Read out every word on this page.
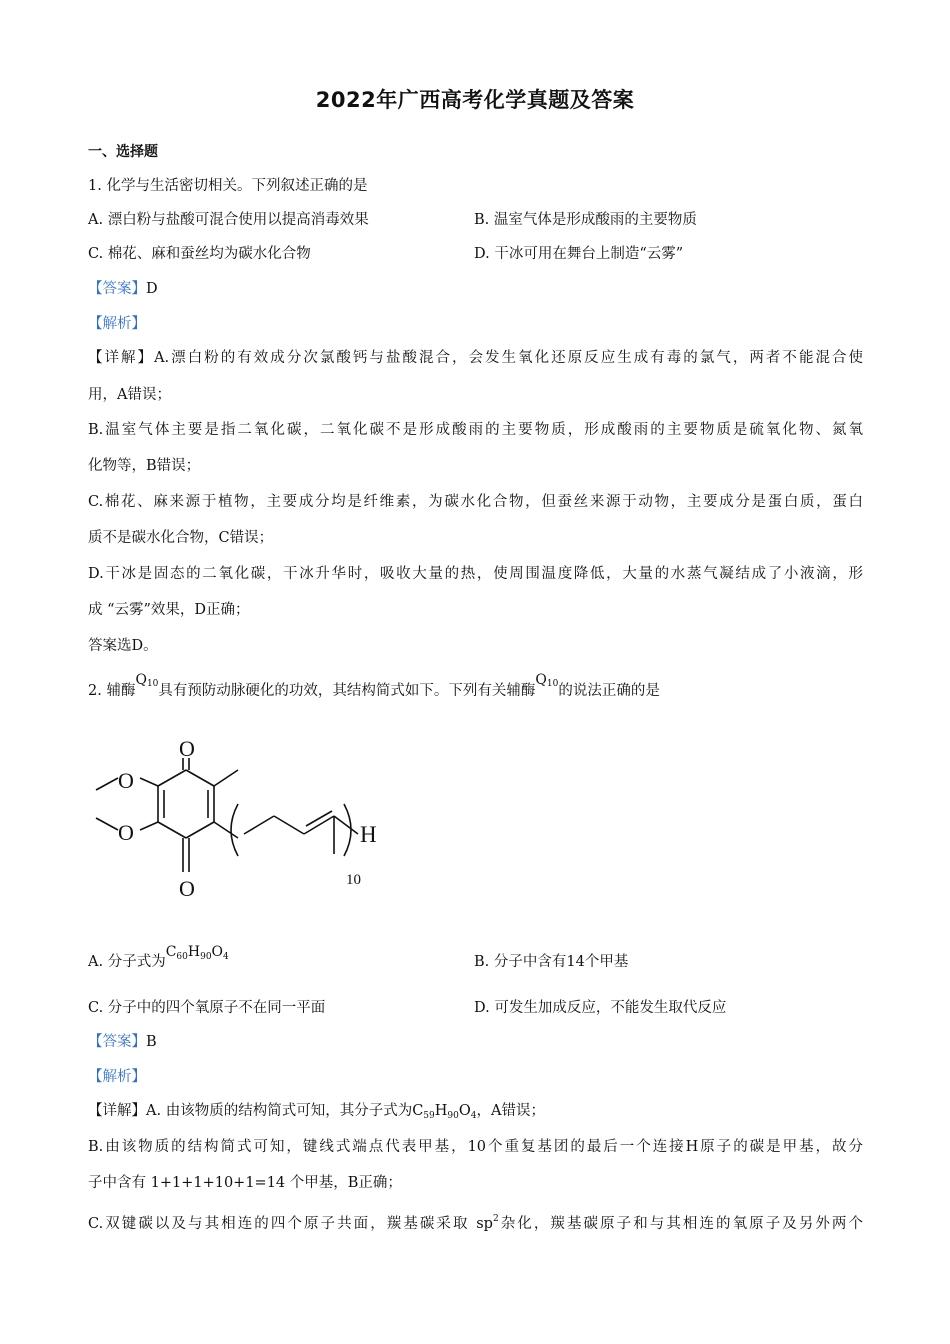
2022年广西高考化学真题及答案
一、选择题
1. 化学与生活密切相关。下列叙述正确的是
A. 漂白粉与盐酸可混合使用以提高消毒效果	B. 温室气体是形成酸雨的主要物质
C. 棉花、麻和蚕丝均为碳水化合物	D. 干冰可用在舞台上制造“云雾”
【答案】D
【解析】
【详解】A.漂白粉的有效成分次氯酸钙与盐酸混合，会发生氧化还原反应生成有毒的氯气，两者不能混合使
用，A错误；
B.温室气体主要是指二氧化碳，二氧化碳不是形成酸雨的主要物质，形成酸雨的主要物质是硫氧化物、氮氧
化物等，B错误；
C.棉花、麻来源于植物，主要成分均是纤维素，为碳水化合物，但蚕丝来源于动物，主要成分是蛋白质，蛋白
质不是碳水化合物，C错误；
D.干冰是固态的二氧化碳，干冰升华时，吸收大量的热，使周围温度降低，大量的水蒸气凝结成了小液滴，形
成 “云雾”效果，D正确；
答案选D。
2. 辅酶$Q_{10}$具有预防动脉硬化的功效，其结构简式如下。下列有关辅酶$Q_{10}$的说法正确的是
O
O
O
O	H
10
A. 分子式为$C_{60}H_{90}O_4$	B. 分子中含有14个甲基
C. 分子中的四个氧原子不在同一平面	D. 可发生加成反应，不能发生取代反应
【答案】B
【解析】
【详解】A. 由该物质的结构简式可知，其分子式为$C_{59}H_{90}O_4$，A错误；
B.由该物质的结构简式可知，键线式端点代表甲基，10个重复基团的最后一个连接H原子的碳是甲基，故分
子中含有 1+1+1+10+1=14 个甲基，B正确；
C.双键碳以及与其相连的四个原子共面，羰基碳采取 $sp^2$杂化，羰基碳原子和与其相连的氧原子及另外两个
